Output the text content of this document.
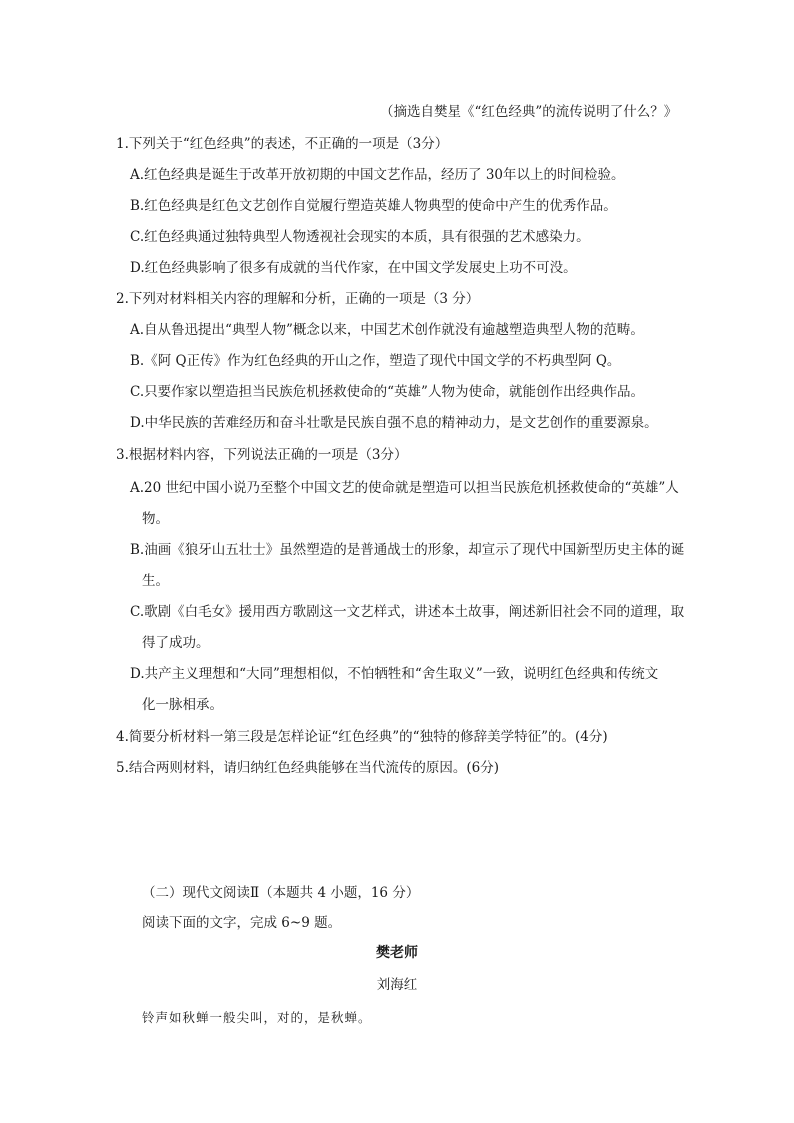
（摘选自樊星《“红色经典”的流传说明了什么？》
1.下列关于“红色经典”的表述，不正确的一项是（3分）
A.红色经典是诞生于改革开放初期的中国文艺作品，经历了 30年以上的时间检验。
B.红色经典是红色文艺创作自觉履行塑造英雄人物典型的使命中产生的优秀作品。
C.红色经典通过独特典型人物透视社会现实的本质，具有很强的艺术感染力。
D.红色经典影响了很多有成就的当代作家，在中国文学发展史上功不可没。
2.下列对材料相关内容的理解和分析，正确的一项是（3 分）
A.自从鲁迅提出“典型人物”概念以来，中国艺术创作就没有逾越塑造典型人物的范畴。
B.《阿 Q正传》作为红色经典的开山之作，塑造了现代中国文学的不朽典型阿 Q。
C.只要作家以塑造担当民族危机拯救使命的“英雄”人物为使命，就能创作出经典作品。
D.中华民族的苦难经历和奋斗壮歌是民族自强不息的精神动力，是文艺创作的重要源泉。
3.根据材料内容，下列说法正确的一项是（3分）
A.20 世纪中国小说乃至整个中国文艺的使命就是塑造可以担当民族危机拯救使命的“英雄”人
物。
B.油画《狼牙山五壮士》虽然塑造的是普通战士的形象，却宣示了现代中国新型历史主体的诞
生。
C.歌剧《白毛女》援用西方歌剧这一文艺样式，讲述本土故事，阐述新旧社会不同的道理，取
得了成功。
D.共产主义理想和“大同”理想相似，不怕牺牲和“舍生取义”一致，说明红色经典和传统文
化一脉相承。
4.简要分析材料一第三段是怎样论证“红色经典”的“独特的修辞美学特征”的。(4分)
5.结合两则材料，请归纳红色经典能够在当代流传的原因。(6分)
（二）现代文阅读Ⅱ（本题共 4 小题，16 分）
阅读下面的文字，完成 6~9 题。
樊老师
刘海红
铃声如秋蝉一般尖叫，对的，是秋蝉。
